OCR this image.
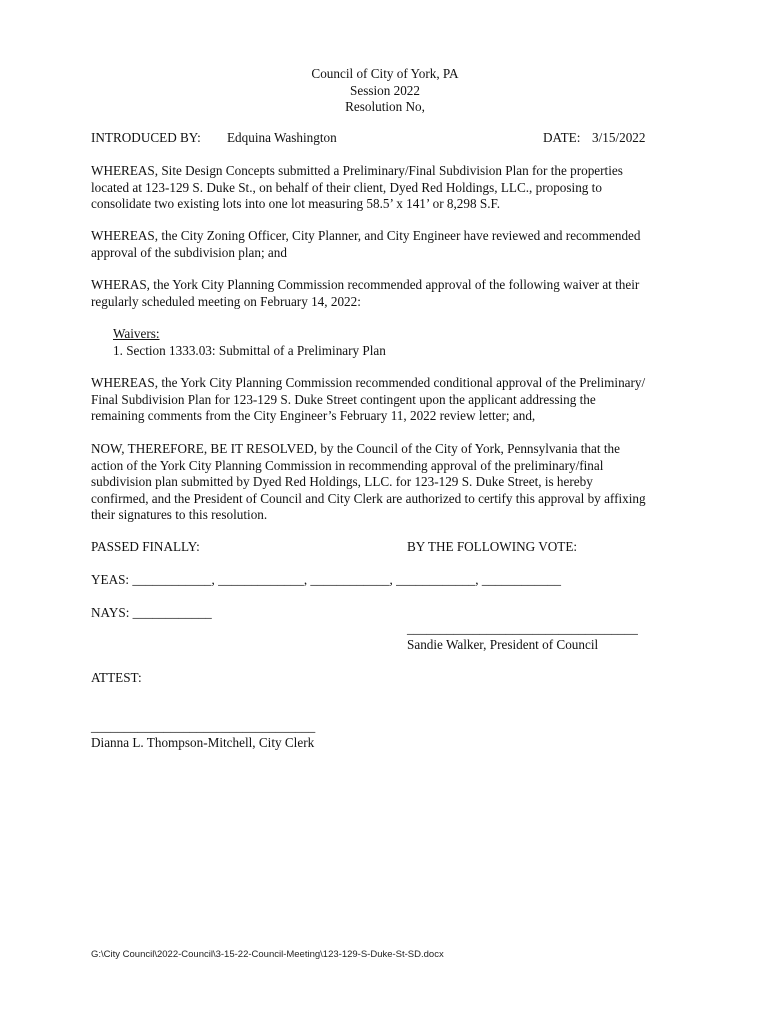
Council of City of York, PA
Session 2022
Resolution No,
INTRODUCED BY: Edquina Washington	DATE: 3/15/2022
WHEREAS, Site Design Concepts submitted a Preliminary/Final Subdivision Plan for the properties
located at 123-129 S. Duke St., on behalf of their client, Dyed Red Holdings, LLC., proposing to
consolidate two existing lots into one lot measuring 58.5’ x 141’ or 8,298 S.F.
WHEREAS, the City Zoning Officer, City Planner, and City Engineer have reviewed and recommended
approval of the subdivision plan; and
WHERAS, the York City Planning Commission recommended approval of the following waiver at their
regularly scheduled meeting on February 14, 2022:
Waivers:
1. Section 1333.03: Submittal of a Preliminary Plan
WHEREAS, the York City Planning Commission recommended conditional approval of the Preliminary/
Final Subdivision Plan for 123-129 S. Duke Street contingent upon the applicant addressing the
remaining comments from the City Engineer’s February 11, 2022 review letter; and,
NOW, THEREFORE, BE IT RESOLVED, by the Council of the City of York, Pennsylvania that the
action of the York City Planning Commission in recommending approval of the preliminary/final
subdivision plan submitted by Dyed Red Holdings, LLC. for 123-129 S. Duke Street, is hereby
confirmed, and the President of Council and City Clerk are authorized to certify this approval by affixing
their signatures to this resolution.
PASSED FINALLY:	BY THE FOLLOWING VOTE:
YEAS: ____________, _____________, ____________, ____________, ____________
NAYS: ____________
___________________________________
Sandie Walker, President of Council
ATTEST:
__________________________________
Dianna L. Thompson-Mitchell, City Clerk
G:\City Council\2022-Council\3-15-22-Council-Meeting\123-129-S-Duke-St-SD.docx
